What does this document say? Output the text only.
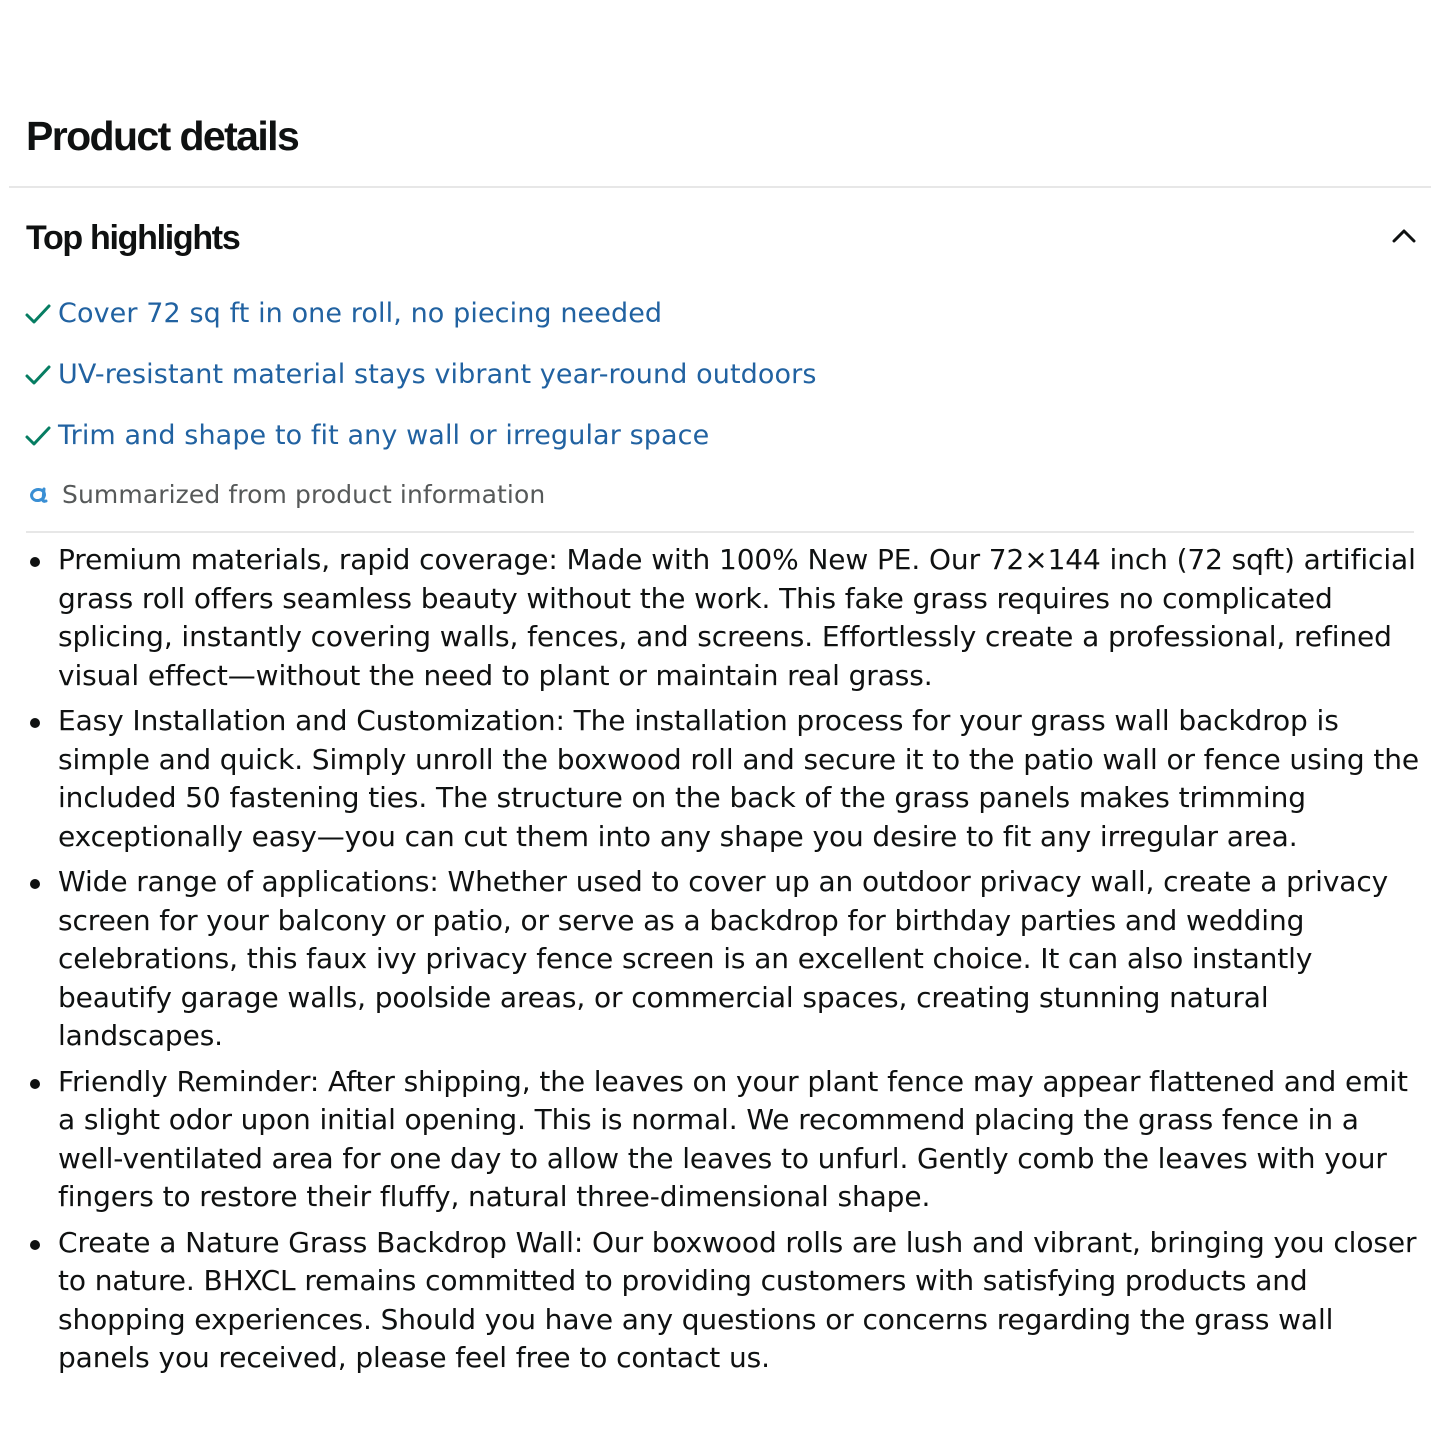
Product details
Top highlights
Cover 72 sq ft in one roll, no piecing needed
UV-resistant material stays vibrant year-round outdoors
Trim and shape to fit any wall or irregular space
Summarized from product information
Premium materials, rapid coverage: Made with 100% New PE. Our 72×144 inch (72 sqft) artificial grass roll offers seamless beauty without the work. This fake grass requires no complicated splicing, instantly covering walls, fences, and screens. Effortlessly create a professional, refined visual effect—without the need to plant or maintain real grass.
Easy Installation and Customization: The installation process for your grass wall backdrop is simple and quick. Simply unroll the boxwood roll and secure it to the patio wall or fence using the included 50 fastening ties. The structure on the back of the grass panels makes trimming exceptionally easy—you can cut them into any shape you desire to fit any irregular area.
Wide range of applications: Whether used to cover up an outdoor privacy wall, create a privacy screen for your balcony or patio, or serve as a backdrop for birthday parties and wedding celebrations, this faux ivy privacy fence screen is an excellent choice. It can also instantly beautify garage walls, poolside areas, or commercial spaces, creating stunning natural landscapes.
Friendly Reminder: After shipping, the leaves on your plant fence may appear flattened and emit a slight odor upon initial opening. This is normal. We recommend placing the grass fence in a well-ventilated area for one day to allow the leaves to unfurl. Gently comb the leaves with your fingers to restore their fluffy, natural three-dimensional shape.
Create a Nature Grass Backdrop Wall: Our boxwood rolls are lush and vibrant, bringing you closer to nature. BHXCL remains committed to providing customers with satisfying products and shopping experiences. Should you have any questions or concerns regarding the grass wall panels you received, please feel free to contact us.
